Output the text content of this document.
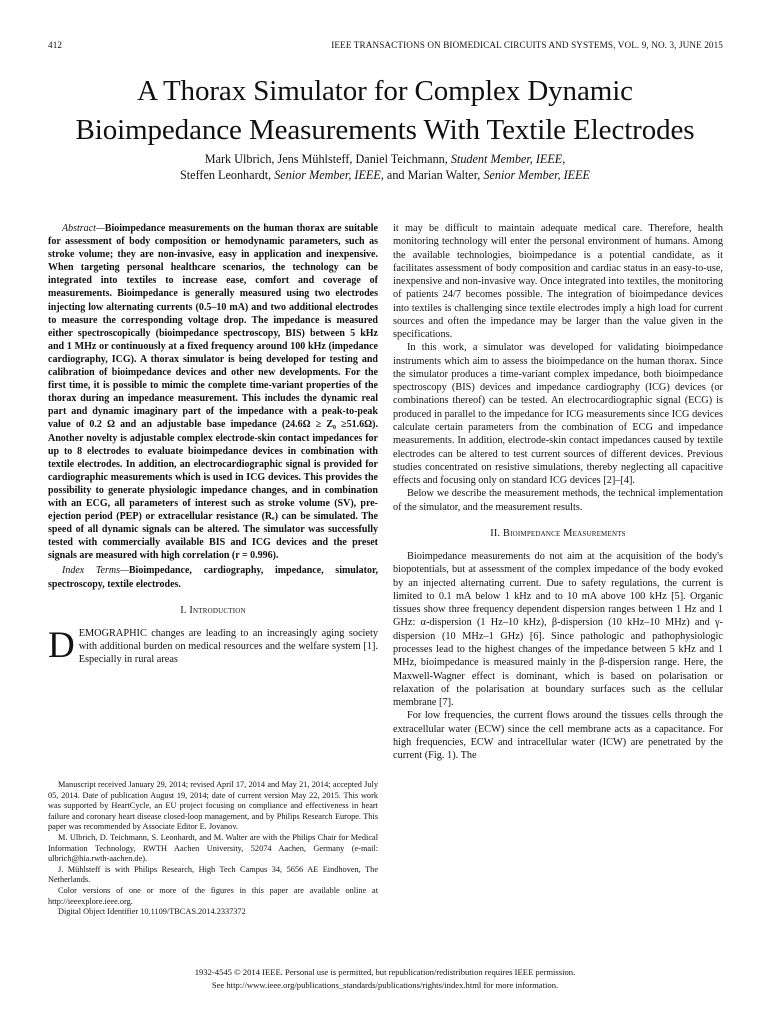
412	IEEE TRANSACTIONS ON BIOMEDICAL CIRCUITS AND SYSTEMS, VOL. 9, NO. 3, JUNE 2015
A Thorax Simulator for Complex Dynamic
Bioimpedance Measurements With Textile Electrodes
Mark Ulbrich, Jens Mühlsteff, Daniel Teichmann, Student Member, IEEE,
Steffen Leonhardt, Senior Member, IEEE, and Marian Walter, Senior Member, IEEE

Abstract—Bioimpedance measurements on the human thorax are suitable for assessment of body composition or hemodynamic parameters, such as stroke volume; they are non-invasive, easy in application and inexpensive. When targeting personal healthcare scenarios, the technology can be integrated into textiles to increase ease, comfort and coverage of measurements. Bioimpedance is generally measured using two electrodes injecting low alternating currents (0.5–10 mA) and two additional electrodes to measure the corresponding voltage drop. The impedance is measured either spectroscopically (bioimpedance spectroscopy, BIS) between 5 kHz and 1 MHz or continuously at a fixed frequency around 100 kHz (impedance cardiography, ICG). A thorax simulator is being developed for testing and calibration of bioimpedance devices and other new developments. For the first time, it is possible to mimic the complete time-variant properties of the thorax during an impedance measurement. This includes the dynamic real part and dynamic imaginary part of the impedance with a peak-to-peak value of 0.2 Ω and an adjustable base impedance (24.6Ω ≥ Z₀ ≥51.6Ω). Another novelty is adjustable complex electrode-skin contact impedances for up to 8 electrodes to evaluate bioimpedance devices in combination with textile electrodes. In addition, an electrocardiographic signal is provided for cardiographic measurements which is used in ICG devices. This provides the possibility to generate physiologic impedance changes, and in combination with an ECG, all parameters of interest such as stroke volume (SV), pre-ejection period (PEP) or extracellular resistance (Rₑ) can be simulated. The speed of all dynamic signals can be altered. The simulator was successfully tested with commercially available BIS and ICG devices and the preset signals are measured with high correlation (r = 0.996).

Index Terms—Bioimpedance, cardiography, impedance, simulator, spectroscopy, textile electrodes.

I. Introduction

DEMOGRAPHIC changes are leading to an increasingly aging society with additional burden on medical resources and the welfare system [1]. Especially in rural areas

Manuscript received January 29, 2014; revised April 17, 2014 and May 21, 2014; accepted July 05, 2014. Date of publication August 19, 2014; date of current version May 22, 2015. This work was supported by HeartCycle, an EU project focusing on compliance and effectiveness in heart failure and coronary heart disease closed-loop management, and by Philips Research Europe. This paper was recommended by Associate Editor E. Jovanov.

M. Ulbrich, D. Teichmann, S. Leonhardt, and M. Walter are with the Philips Chair for Medical Information Technology, RWTH Aachen University, 52074 Aachen, Germany (e-mail: ulbrich@hia.rwth-aachen.de).

J. Mühlsteff is with Philips Research, High Tech Campus 34, 5656 AE Eindhoven, The Netherlands.

Color versions of one or more of the figures in this paper are available online at http://ieeexplore.ieee.org.

Digital Object Identifier 10.1109/TBCAS.2014.2337372

it may be difficult to maintain adequate medical care. Therefore, health monitoring technology will enter the personal environment of humans. Among the available technologies, bioimpedance is a potential candidate, as it facilitates assessment of body composition and cardiac status in an easy-to-use, inexpensive and non-invasive way. Once integrated into textiles, the monitoring of patients 24/7 becomes possible. The integration of bioimpedance devices into textiles is challenging since textile electrodes imply a high load for current sources and often the impedance may be larger than the value given in the specifications.

In this work, a simulator was developed for validating bioimpedance instruments which aim to assess the bioimpedance on the human thorax. Since the simulator produces a time-variant complex impedance, both bioimpedance spectroscopy (BIS) devices and impedance cardiography (ICG) devices (or combinations thereof) can be tested. An electrocardiographic signal (ECG) is produced in parallel to the impedance for ICG measurements since ICG devices calculate certain parameters from the combination of ECG and impedance measurements. In addition, electrode-skin contact impedances caused by textile electrodes can be altered to test current sources of different devices. Previous studies concentrated on resistive simulations, thereby neglecting all capacitive effects and focusing only on standard ICG devices [2]–[4].

Below we describe the measurement methods, the technical implementation of the simulator, and the measurement results.

II. Bioimpedance Measurements

Bioimpedance measurements do not aim at the acquisition of the body's biopotentials, but at assessment of the complex impedance of the body evoked by an injected alternating current. Due to safety regulations, the current is limited to 0.1 mA below 1 kHz and to 10 mA above 100 kHz [5]. Organic tissues show three frequency dependent dispersion ranges between 1 Hz and 1 GHz: α-dispersion (1 Hz–10 kHz), β-dispersion (10 kHz–10 MHz) and γ-dispersion (10 MHz–1 GHz) [6]. Since pathologic and pathophysiologic processes lead to the highest changes of the impedance between 5 kHz and 1 MHz, bioimpedance is measured mainly in the β-dispersion range. Here, the Maxwell-Wagner effect is dominant, which is based on polarisation or relaxation of the polarisation at boundary surfaces such as the cellular membrane [7].

For low frequencies, the current flows around the tissues cells through the extracellular water (ECW) since the cell membrane acts as a capacitance. For high frequencies, ECW and intracellular water (ICW) are penetrated by the current (Fig. 1). The

1932-4545 © 2014 IEEE. Personal use is permitted, but republication/redistribution requires IEEE permission.
See http://www.ieee.org/publications_standards/publications/rights/index.html for more information.
